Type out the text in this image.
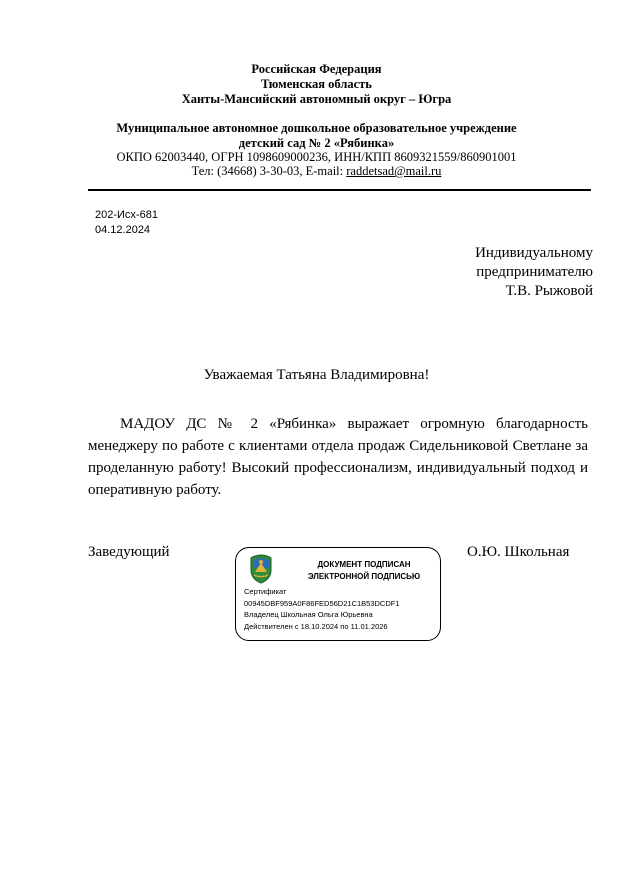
Российская Федерация
Тюменская область
Ханты-Мансийский автономный округ – Югра
Муниципальное автономное дошкольное образовательное учреждение
детский сад № 2 «Рябинка»
ОКПО 62003440, ОГРН 1098609000236, ИНН/КПП 8609321559/860901001
Тел: (34668) 3-30-03, E-mail: raddetsad@mail.ru
202-Исх-681
04.12.2024
Индивидуальному
предпринимателю
Т.В. Рыжовой
Уважаемая Татьяна Владимировна!
МАДОУ ДС № 2 «Рябинка» выражает огромную благодарность менеджеру по работе с клиентами отдела продаж Сидельниковой Светлане за проделанную работу! Высокий профессионализм, индивидуальный подход и оперативную работу.
Заведующий	О.Ю. Школьная
ДОКУМЕНТ ПОДПИСАН
ЭЛЕКТРОННОЙ ПОДПИСЬЮ
Сертификат
00945DBF959A0F86FED56D21C1B53DCDF1
Владелец Школьная Ольга Юрьевна
Действителен с 18.10.2024 по 11.01.2026
